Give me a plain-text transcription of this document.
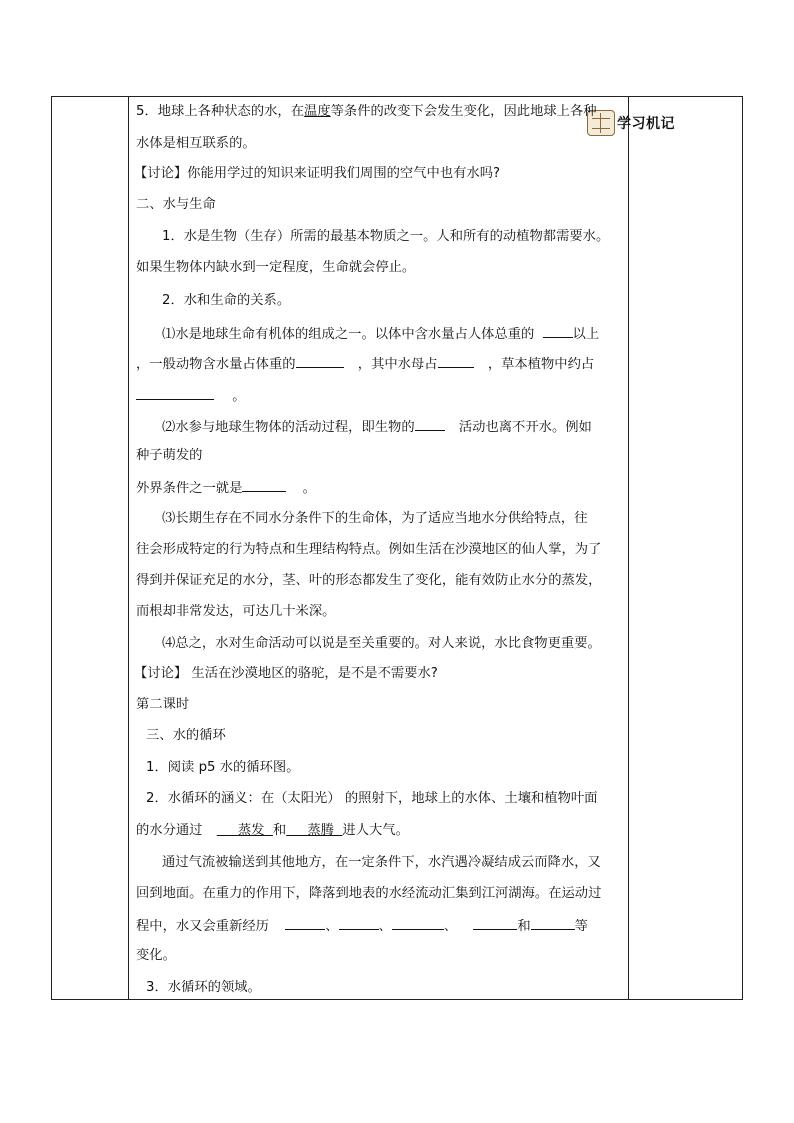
学习机记
5．地球上各种状态的水，在温度等条件的改变下会发生变化，因此地球上各种
水体是相互联系的。
【讨论】你能用学过的知识来证明我们周围的空气中也有水吗?
二、水与生命
1．水是生物（生存）所需的最基本物质之一。人和所有的动植物都需要水。
如果生物体内缺水到一定程度，生命就会停止。
2．水和生命的关系。
⑴水是地球生命有机体的组成之一。以体中含水量占人体总重的	以上
，一般动物含水量占体重的	，其中水母占	，草本植物中约占
。
⑵水参与地球生物体的活动过程，即生物的	活动也离不开水。例如
种子萌发的
外界条件之一就是	。
⑶长期生存在不同水分条件下的生命体，为了适应当地水分供给特点，往
往会形成特定的行为特点和生理结构特点。例如生活在沙漠地区的仙人掌，为了
得到并保证充足的水分，茎、叶的形态都发生了变化，能有效防止水分的蒸发，
而根却非常发达，可达几十米深。
⑷总之，水对生命活动可以说是至关重要的。对人来说，水比食物更重要。
【讨论】 生活在沙漠地区的骆驼，是不是不需要水?
第二课时
三、水的循环
1．阅读 p5 水的循环图。
2．水循环的涵义：在（太阳光） 的照射下，地球上的水体、土壤和植物叶面
的水分通过	蒸发 和 蒸腾 进人大气。
通过气流被输送到其他地方，在一定条件下，水汽遇冷凝结成云而降水，又
回到地面。在重力的作用下，降落到地表的水经流动汇集到江河湖海。在运动过
程中，水又会重新经历	、	、	、	和	等
变化。
3．水循环的领域。
